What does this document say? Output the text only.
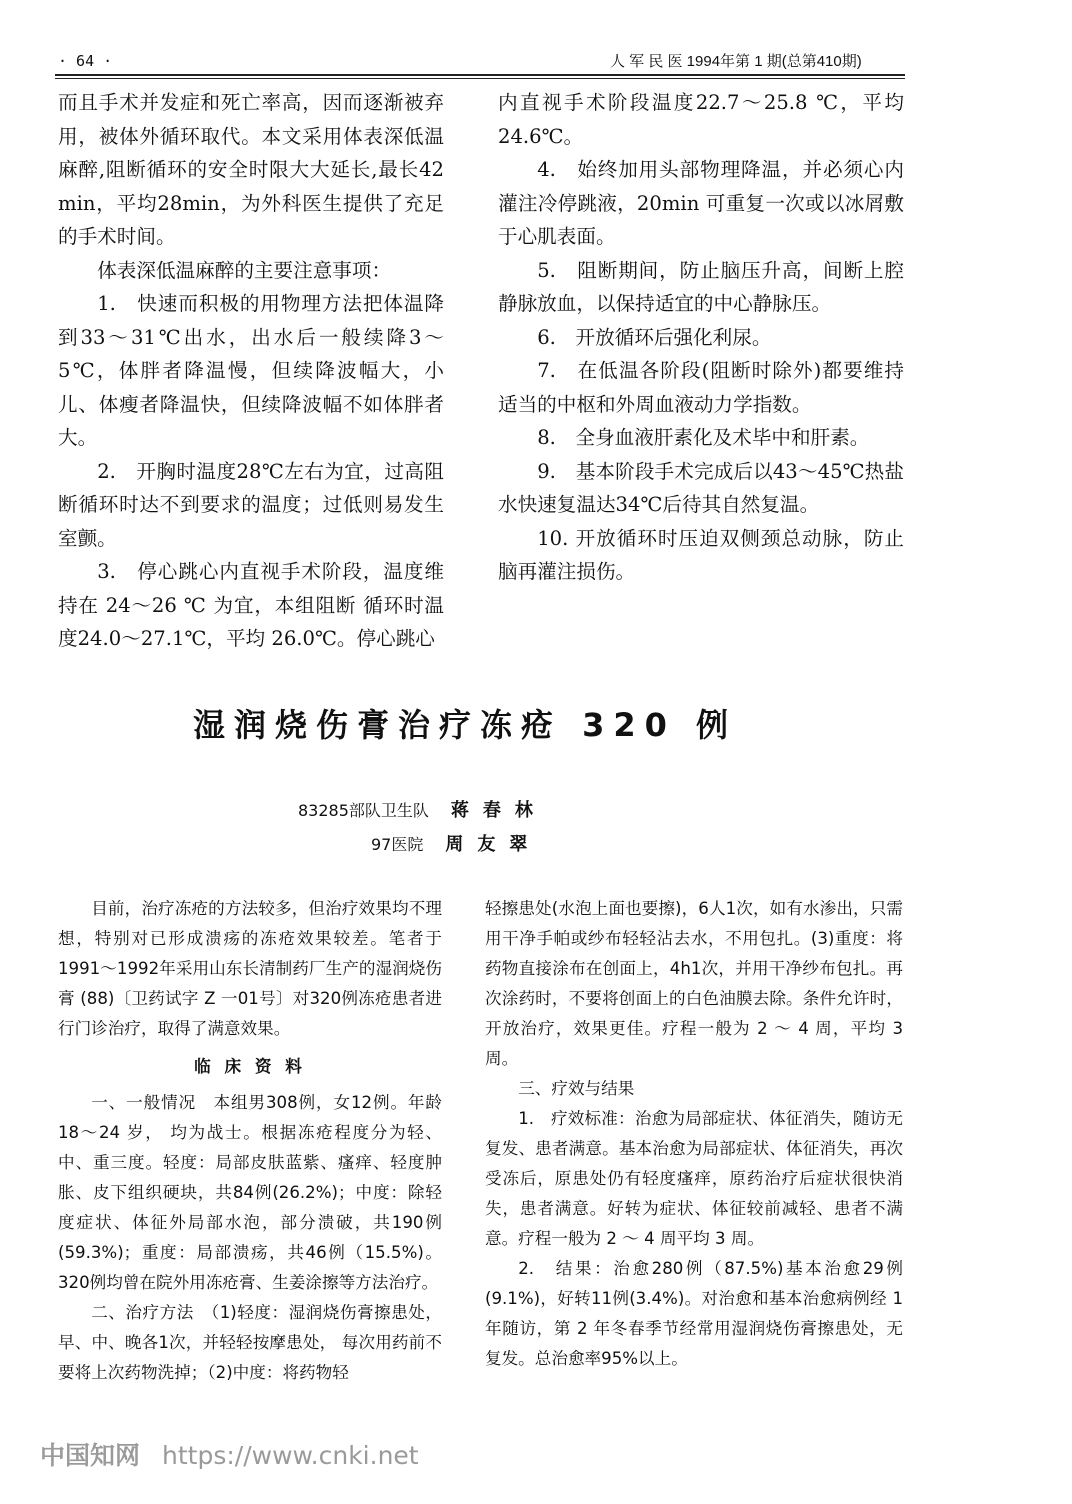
· 64 ·	人 军 民 医 1994年第 1 期(总第410期)

而且手术并发症和死亡率高，因而逐渐被弃用，被体外循环取代。本文采用体表深低温麻醉,阻断循环的安全时限大大延长,最长42 min，平均28min，为外科医生提供了充足的手术时间。

体表深低温麻醉的主要注意事项：

1.　快速而积极的用物理方法把体温降到33～31℃出水，出水后一般续降3～5℃，体胖者降温慢，但续降波幅大，小儿、体瘦者降温快，但续降波幅不如体胖者大。

2.　开胸时温度28℃左右为宜，过高阻断循环时达不到要求的温度；过低则易发生室颤。

3.　停心跳心内直视手术阶段，温度维持在 24～26 ℃ 为宜，本组阻断 循环时温度24.0～27.1℃，平均 26.0℃。停心跳心

内直视手术阶段温度22.7～25.8 ℃，平均24.6℃。

4.　始终加用头部物理降温，并必须心内灌注冷停跳液，20min 可重复一次或以冰屑敷于心肌表面。

5.　阻断期间，防止脑压升高，间断上腔静脉放血，以保持适宜的中心静脉压。

6.　开放循环后强化利尿。

7.　在低温各阶段(阻断时除外)都要维持适当的中枢和外周血液动力学指数。

8.　全身血液肝素化及术毕中和肝素。

9.　基本阶段手术完成后以43～45℃热盐水快速复温达34℃后待其自然复温。

10. 开放循环时压迫双侧颈总动脉，防止脑再灌注损伤。

湿润烧伤膏治疗冻疮 320 例
83285部队卫生队 蒋春林
97医院 周友翠

目前，治疗冻疮的方法较多，但治疗效果均不理想，特别对已形成溃疡的冻疮效果较差。笔者于1991～1992年采用山东长清制药厂生产的湿润烧伤膏 (88)〔卫药试字 Z 一01号〕对320例冻疮患者进行门诊治疗，取得了满意效果。

临 床 资 料

一、一般情况　本组男308例，女12例。年龄 18～24 岁， 均为战士。根据冻疮程度分为轻、中、重三度。轻度：局部皮肤蓝紫、瘙痒、轻度肿胀、皮下组织硬块，共84例(26.2%)；中度：除轻度症状、体征外局部水泡，部分溃破，共190例(59.3%)；重度：局部溃疡，共46例（15.5%)。320例均曾在院外用冻疮膏、生姜涂擦等方法治疗。

二、治疗方法　（1)轻度：湿润烧伤膏擦患处，早、中、晚各1次，并轻轻按摩患处， 每次用药前不要将上次药物洗掉；（2)中度：将药物轻

轻擦患处(水泡上面也要擦)，6人1次，如有水渗出，只需用干净手帕或纱布轻轻沾去水，不用包扎。(3)重度：将药物直接涂布在创面上，4h1次，并用干净纱布包扎。再次涂药时，不要将创面上的白色油膜去除。条件允许时，开放治疗，效果更佳。疗程一般为 2 ～ 4 周，平均 3 周。

三、疗效与结果

1.　疗效标准：治愈为局部症状、体征消失，随访无复发、患者满意。基本治愈为局部症状、体征消失，再次受冻后，原患处仍有轻度瘙痒，原药治疗后症状很快消失，患者满意。好转为症状、体征较前减轻、患者不满意。疗程一般为 2 ～ 4 周平均 3 周。

2.　结果：治愈280例（87.5%)基本治愈29例(9.1%)，好转11例(3.4%)。对治愈和基本治愈病例经 1 年随访，第 2 年冬春季节经常用湿润烧伤膏擦患处，无复发。总治愈率95%以上。

中国知网 https://www.cnki.net
